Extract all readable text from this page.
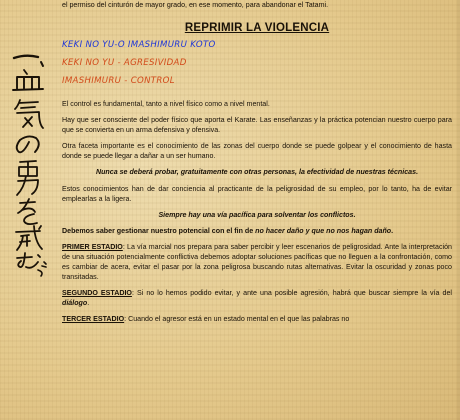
el permiso del cinturón de mayor grado, en ese momento, para abandonar el Tatami.

REPRIMIR LA VIOLENCIA

KEKI NO YU-O IMASHIMURU KOTO

KEKI NO YU - AGRESIVIDAD

IMASHIMURU - CONTROL

El control es fundamental, tanto a nivel físico como a nivel mental.

Hay que ser consciente del poder físico que aporta el Karate. Las enseñanzas y la práctica potencian nuestro cuerpo para que se convierta en un arma defensiva y ofensiva.

Otra faceta importante es el conocimiento de las zonas del cuerpo donde se puede golpear y el conocimiento de hasta donde se puede llegar a dañar a un ser humano.

Nunca se deberá probar, gratuitamente con otras personas, la efectividad de nuestras técnicas.

Estos conocimientos han de dar conciencia al practicante de la peligrosidad de su empleo, por lo tanto, ha de evitar emplearlas a la ligera.

Siempre hay una vía pacífica para solventar los conflictos.

Debemos saber gestionar nuestro potencial con el fin de no hacer daño y que no nos hagan daño.

PRIMER ESTADIO: La vía marcial nos prepara para saber percibir y leer escenarios de peligrosidad. Ante la interpretación de una situación potencialmente conflictiva debemos adoptar soluciones pacíficas que no lleguen a la confrontación, como es cambiar de acera, evitar el pasar por la zona peligrosa buscando rutas alternativas. Evitar la oscuridad y zonas poco transitadas.

SEGUNDO ESTADIO: Si no lo hemos podido evitar, y ante una posible agresión, habrá que buscar siempre la vía del diálogo.

TERCER ESTADIO: Cuando el agresor está en un estado mental en el que las palabras no
